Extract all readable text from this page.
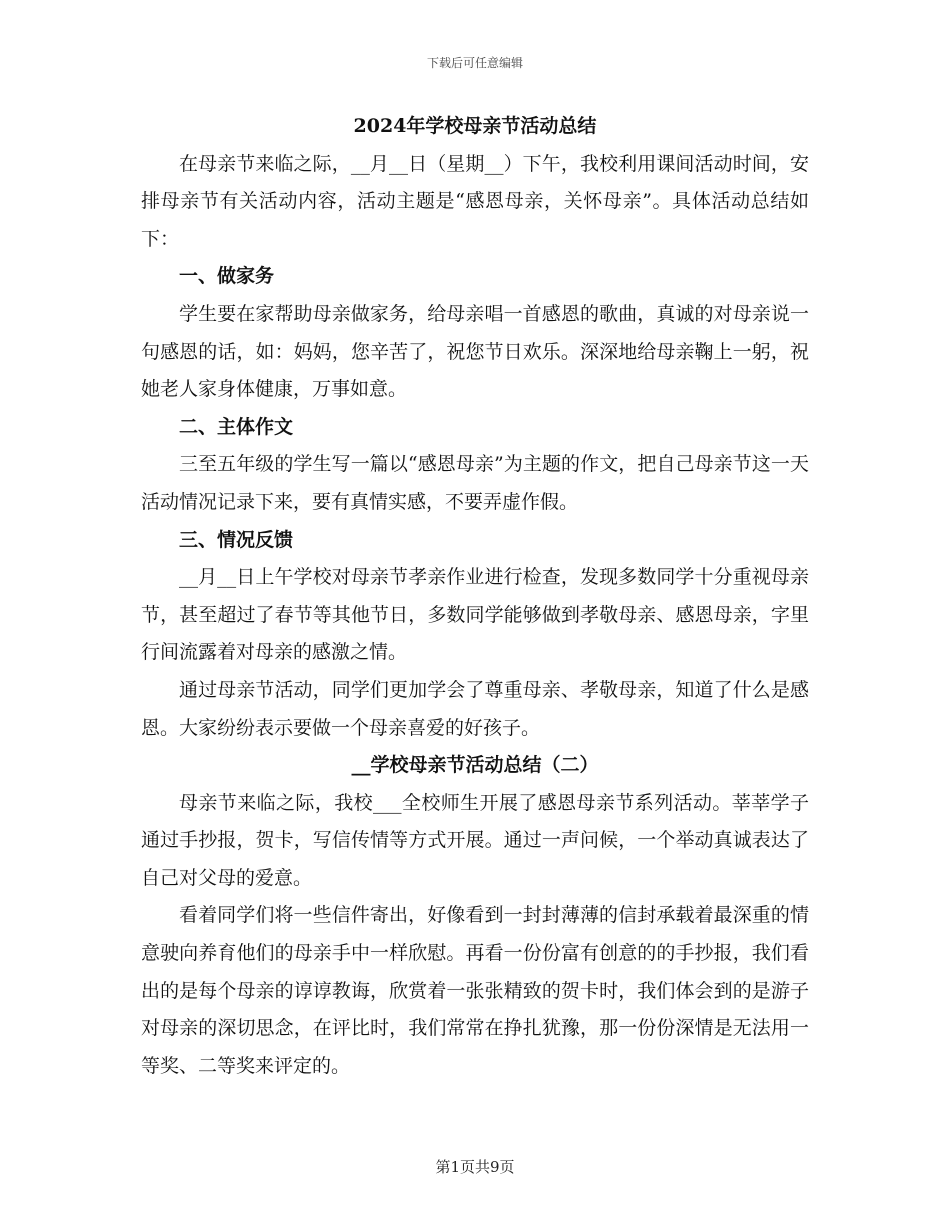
下载后可任意编辑
2024年学校母亲节活动总结

在母亲节来临之际，__月__日（星期__）下午，我校利用课间活动时间，安排母亲节有关活动内容，活动主题是“感恩母亲，关怀母亲”。具体活动总结如下：

一、做家务

学生要在家帮助母亲做家务，给母亲唱一首感恩的歌曲，真诚的对母亲说一句感恩的话，如：妈妈，您辛苦了，祝您节日欢乐。深深地给母亲鞠上一躬，祝她老人家身体健康，万事如意。

二、主体作文

三至五年级的学生写一篇以“感恩母亲”为主题的作文，把自己母亲节这一天活动情况记录下来，要有真情实感，不要弄虚作假。

三、情况反馈

__月__日上午学校对母亲节孝亲作业进行检查，发现多数同学十分重视母亲节，甚至超过了春节等其他节日，多数同学能够做到孝敬母亲、感恩母亲，字里行间流露着对母亲的感激之情。

通过母亲节活动，同学们更加学会了尊重母亲、孝敬母亲，知道了什么是感恩。大家纷纷表示要做一个母亲喜爱的好孩子。

__学校母亲节活动总结（二）

母亲节来临之际，我校___全校师生开展了感恩母亲节系列活动。莘莘学子通过手抄报，贺卡，写信传情等方式开展。通过一声问候，一个举动真诚表达了自己对父母的爱意。

看着同学们将一些信件寄出，好像看到一封封薄薄的信封承载着最深重的情意驶向养育他们的母亲手中一样欣慰。再看一份份富有创意的的手抄报，我们看出的是每个母亲的谆谆教诲，欣赏着一张张精致的贺卡时，我们体会到的是游子对母亲的深切思念，在评比时，我们常常在挣扎犹豫，那一份份深情是无法用一等奖、二等奖来评定的。

第1页共9页
